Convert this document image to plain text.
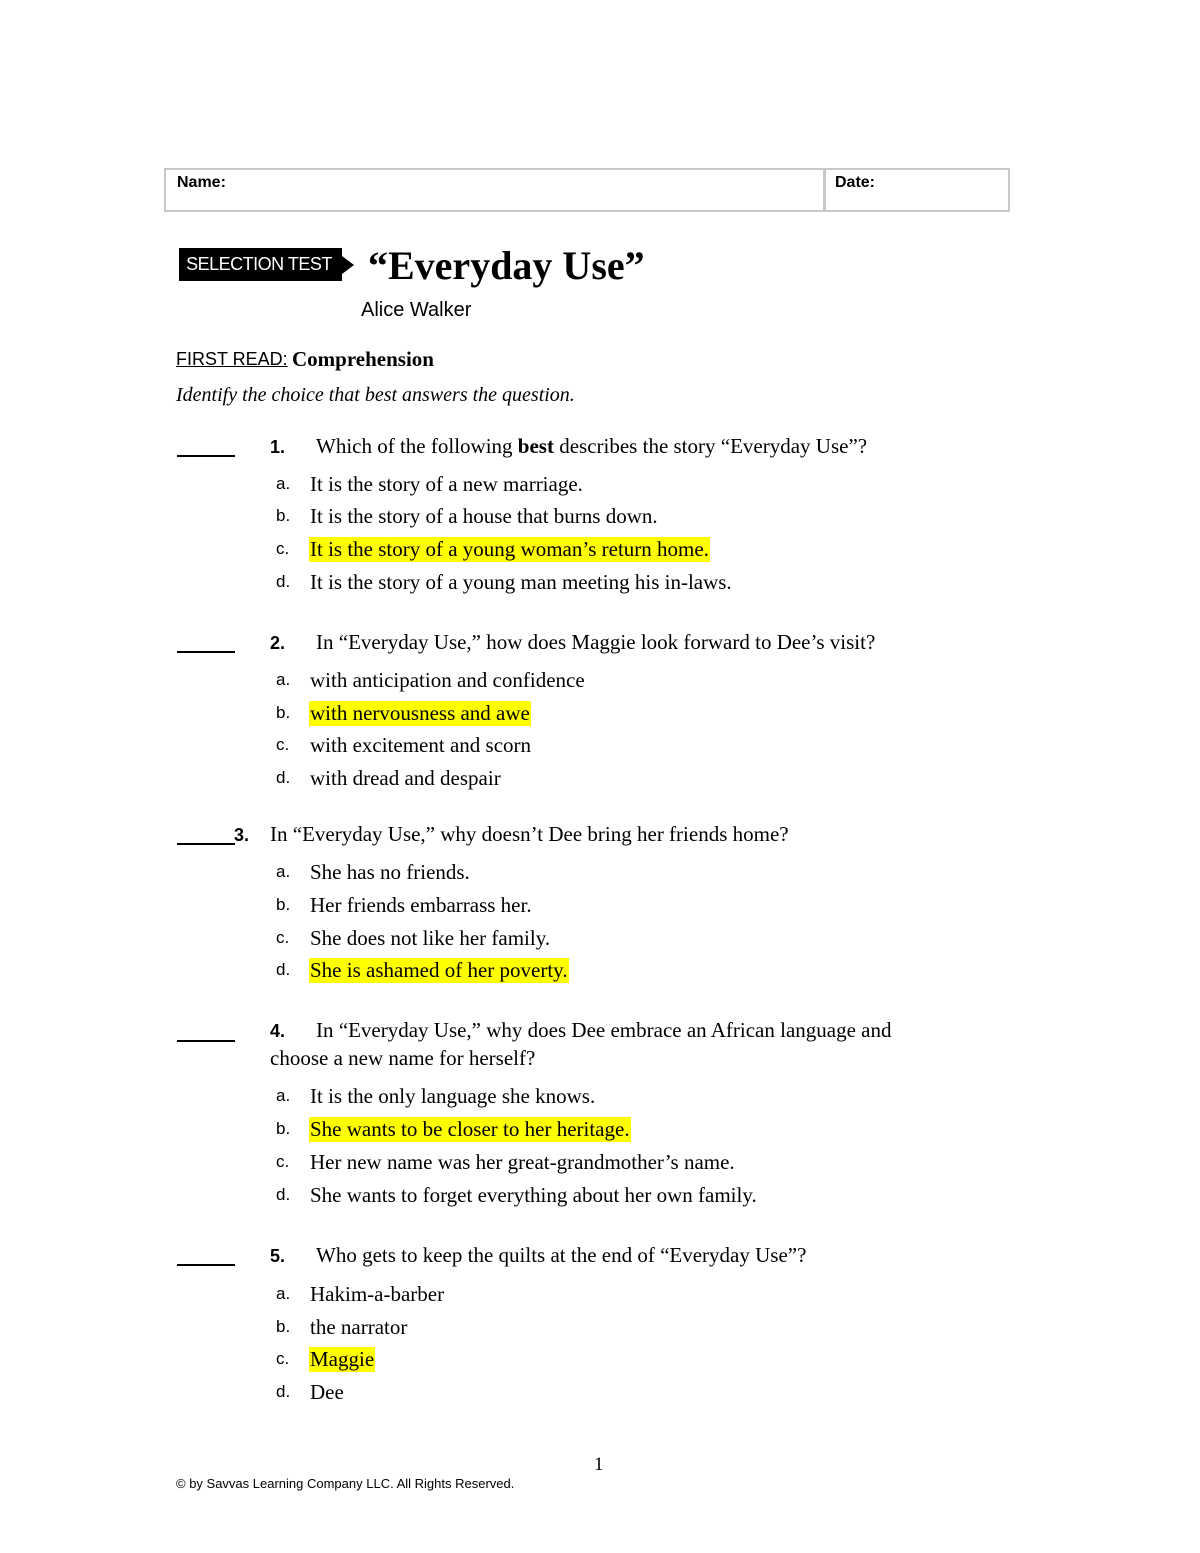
Name:	Date:
SELECTION TEST “Everyday Use”
Alice Walker
FIRST READ: Comprehension
Identify the choice that best answers the question.
1. Which of the following best describes the story “Everyday Use”?
a. It is the story of a new marriage.
b. It is the story of a house that burns down.
c. It is the story of a young woman’s return home.
d. It is the story of a young man meeting his in-laws.
2. In “Everyday Use,” how does Maggie look forward to Dee’s visit?
a. with anticipation and confidence
b. with nervousness and awe
c. with excitement and scorn
d. with dread and despair
3. In “Everyday Use,” why doesn’t Dee bring her friends home?
a. She has no friends.
b. Her friends embarrass her.
c. She does not like her family.
d. She is ashamed of her poverty.
4. In “Everyday Use,” why does Dee embrace an African language and
choose a new name for herself?
a. It is the only language she knows.
b. She wants to be closer to her heritage.
c. Her new name was her great-grandmother’s name.
d. She wants to forget everything about her own family.
5. Who gets to keep the quilts at the end of “Everyday Use”?
a. Hakim-a-barber
b. the narrator
c. Maggie
d. Dee
1
© by Savvas Learning Company LLC. All Rights Reserved.
